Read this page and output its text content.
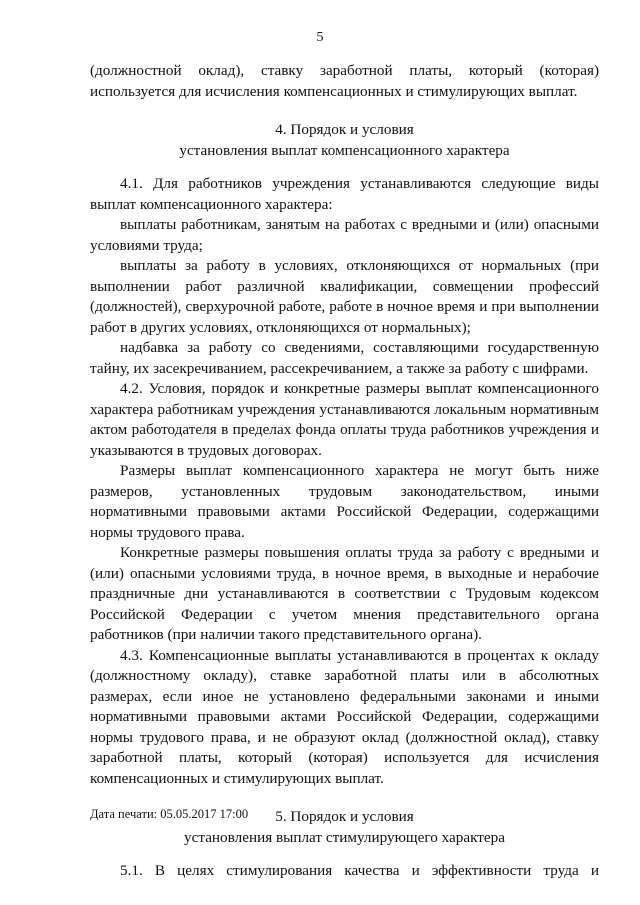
5

(должностной оклад), ставку заработной платы, который (которая) используется для исчисления компенсационных и стимулирующих выплат.

4. Порядок и условия

установления выплат компенсационного характера

4.1. Для работников учреждения устанавливаются следующие виды выплат компенсационного характера:

выплаты работникам, занятым на работах с вредными и (или) опасными условиями труда;

выплаты за работу в условиях, отклоняющихся от нормальных (при выполнении работ различной квалификации, совмещении профессий (должностей), сверхурочной работе, работе в ночное время и при выполнении работ в других условиях, отклоняющихся от нормальных);

надбавка за работу со сведениями, составляющими государственную тайну, их засекречиванием, рассекречиванием, а также за работу с шифрами.

4.2. Условия, порядок и конкретные размеры выплат компенсационного характера работникам учреждения устанавливаются локальным нормативным актом работодателя в пределах фонда оплаты труда работников учреждения и указываются в трудовых договорах.

Размеры выплат компенсационного характера не могут быть ниже размеров, установленных трудовым законодательством, иными нормативными правовыми актами Российской Федерации, содержащими нормы трудового права.

Конкретные размеры повышения оплаты труда за работу с вредными и (или) опасными условиями труда, в ночное время, в выходные и нерабочие праздничные дни устанавливаются в соответствии с Трудовым кодексом Российской Федерации с учетом мнения представительного органа работников (при наличии такого представительного органа).

4.3. Компенсационные выплаты устанавливаются в процентах к окладу (должностному окладу), ставке заработной платы или в абсолютных размерах, если иное не установлено федеральными законами и иными нормативными правовыми актами Российской Федерации, содержащими нормы трудового права, и не образуют оклад (должностной оклад), ставку заработной платы, который (которая) используется для исчисления компенсационных и стимулирующих выплат.

5. Порядок и условия

установления выплат стимулирующего характера

5.1. В целях стимулирования качества и эффективности труда и

Дата печати: 05.05.2017 17:00
